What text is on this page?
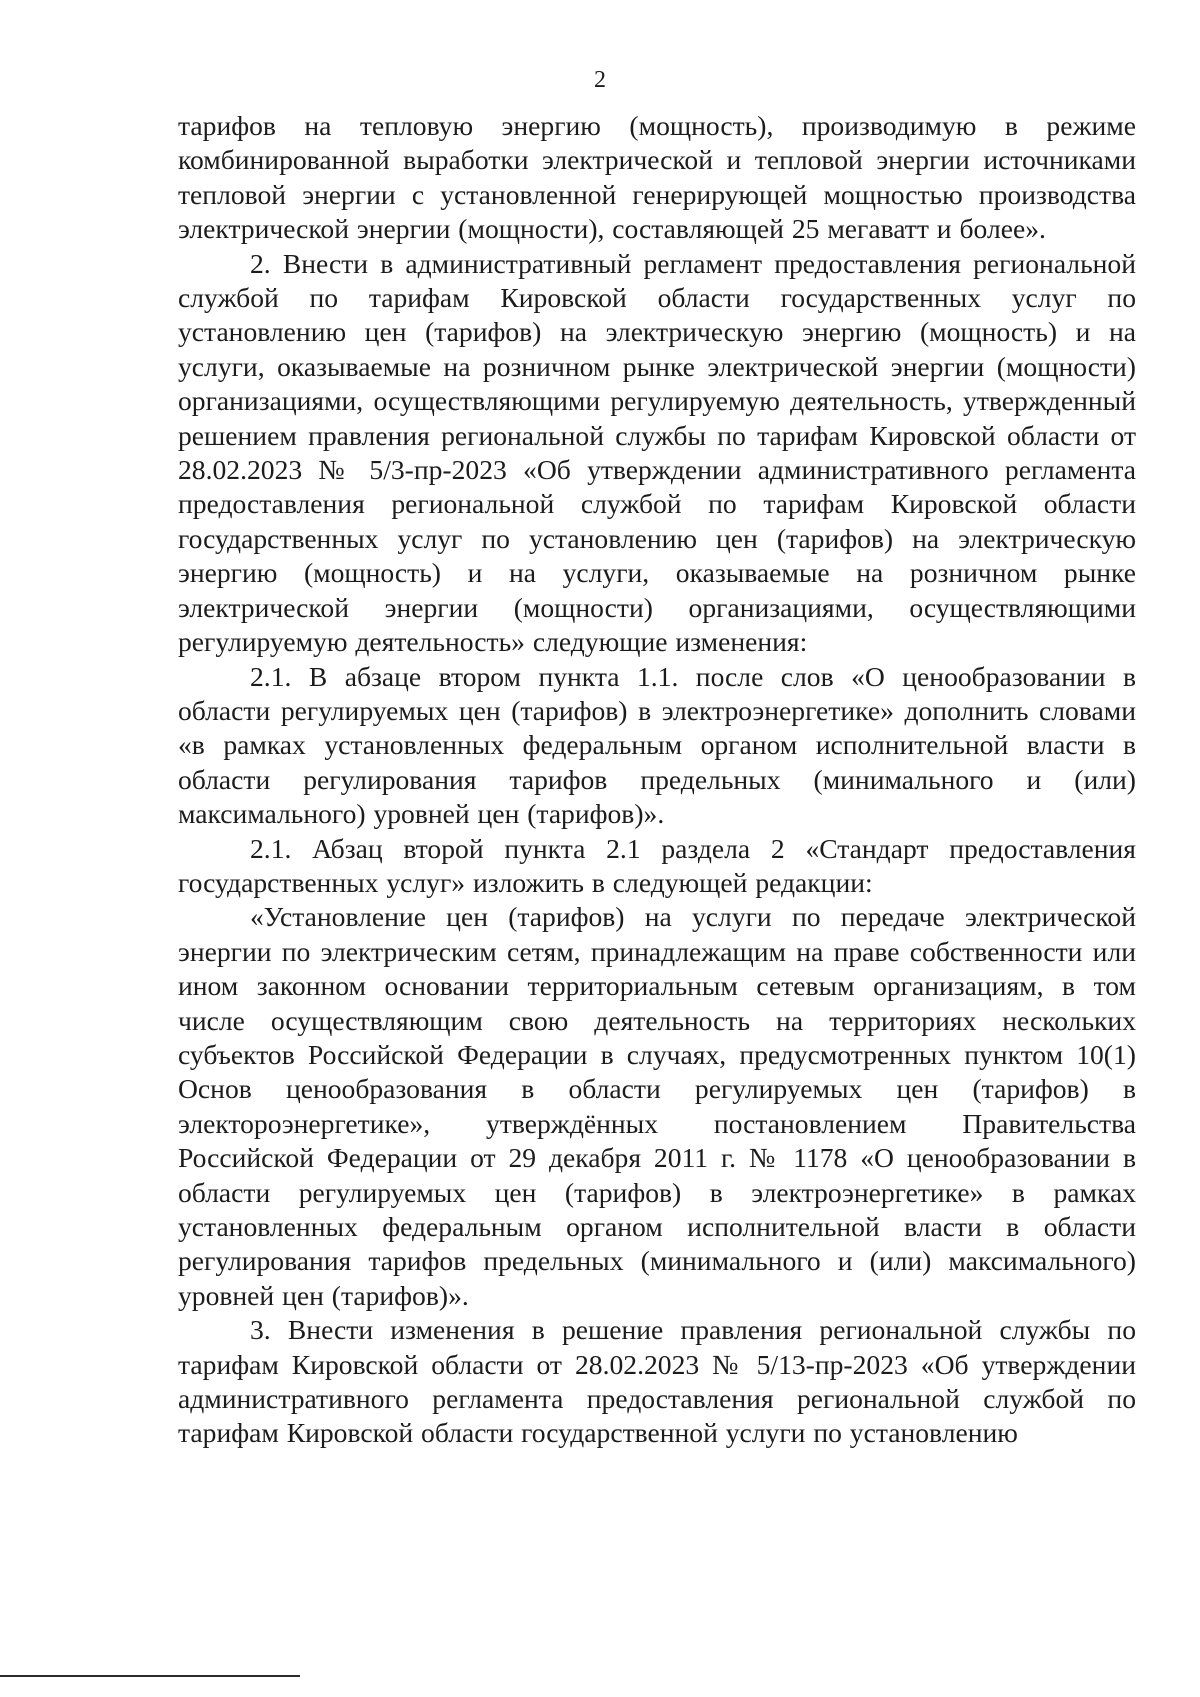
2

тарифов на тепловую энергию (мощность), производимую в режиме комбинированной выработки электрической и тепловой энергии источниками тепловой энергии с установленной генерирующей мощностью производства электрической энергии (мощности), составляющей 25 мегаватт и более».

2. Внести в административный регламент предоставления региональной службой по тарифам Кировской области государственных услуг по установлению цен (тарифов) на электрическую энергию (мощность) и на услуги, оказываемые на розничном рынке электрической энергии (мощности) организациями, осуществляющими регулируемую деятельность, утвержденный решением правления региональной службы по тарифам Кировской области от 28.02.2023 № 5/3-пр-2023 «Об утверждении административного регламента предоставления региональной службой по тарифам Кировской области государственных услуг по установлению цен (тарифов) на электрическую энергию (мощность) и на услуги, оказываемые на розничном рынке электрической энергии (мощности) организациями, осуществляющими регулируемую деятельность» следующие изменения:

2.1. В абзаце втором пункта 1.1. после слов «О ценообразовании в области регулируемых цен (тарифов) в электроэнергетике» дополнить словами «в рамках установленных федеральным органом исполнительной власти в области регулирования тарифов предельных (минимального и (или) максимального) уровней цен (тарифов)».

2.1. Абзац второй пункта 2.1 раздела 2 «Стандарт предоставления государственных услуг» изложить в следующей редакции:

«Установление цен (тарифов) на услуги по передаче электрической энергии по электрическим сетям, принадлежащим на праве собственности или ином законном основании территориальным сетевым организациям, в том числе осуществляющим свою деятельность на территориях нескольких субъектов Российской Федерации в случаях, предусмотренных пунктом 10(1) Основ ценообразования в области регулируемых цен (тарифов) в электороэнергетике», утверждённых постановлением Правительства Российской Федерации от 29 декабря 2011 г. № 1178 «О ценообразовании в области регулируемых цен (тарифов) в электроэнергетике» в рамках установленных федеральным органом исполнительной власти в области регулирования тарифов предельных (минимального и (или) максимального) уровней цен (тарифов)».

3. Внести изменения в решение правления региональной службы по тарифам Кировской области от 28.02.2023 № 5/13-пр-2023 «Об утверждении административного регламента предоставления региональной службой по тарифам Кировской области государственной услуги по установлению
